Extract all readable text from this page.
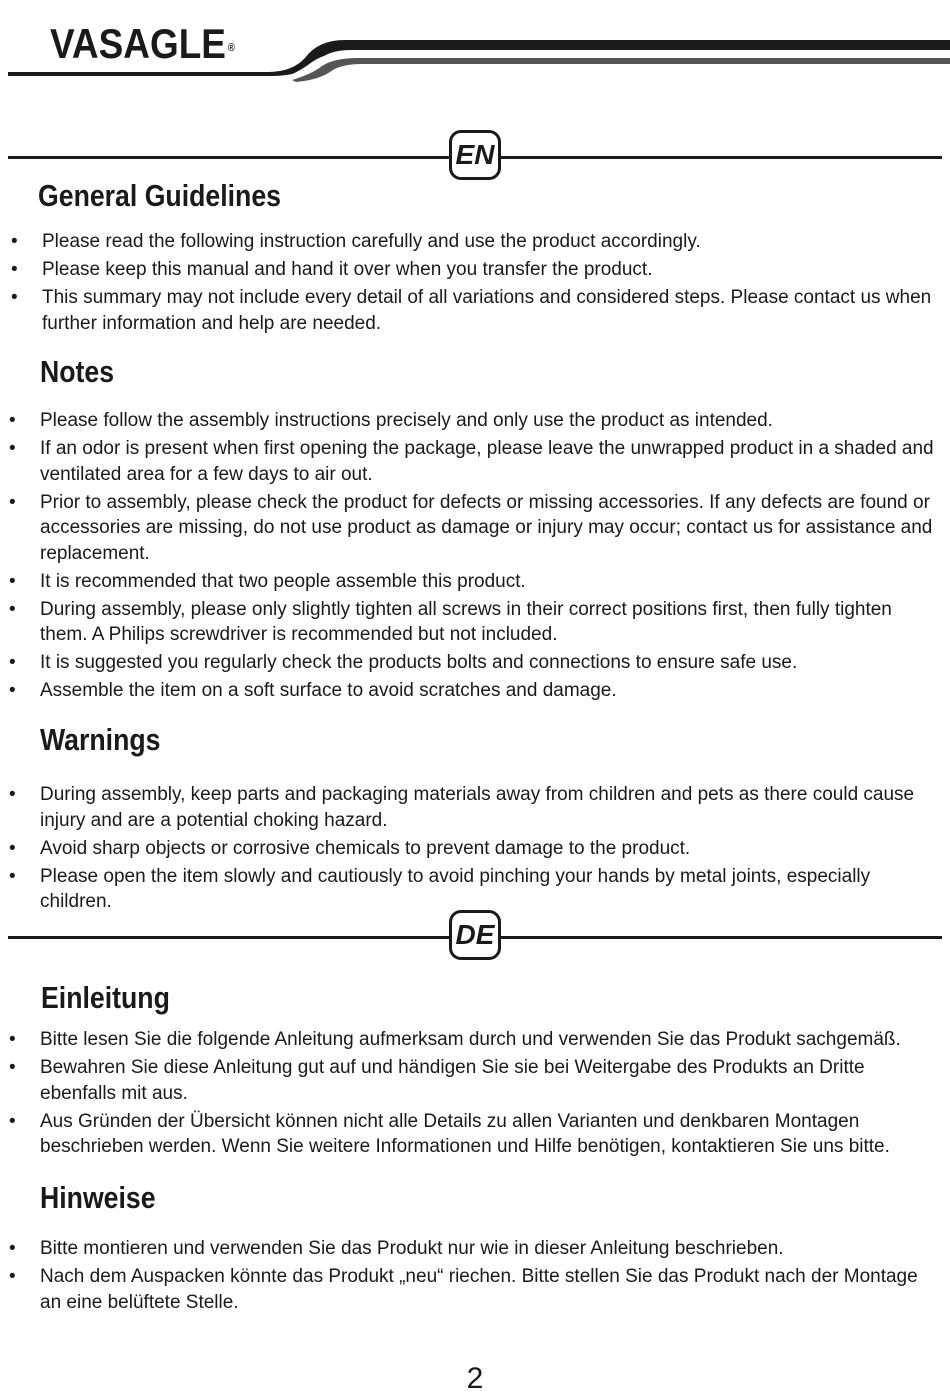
VASAGLE ®
EN
General Guidelines
• Please read the following instruction carefully and use the product accordingly.
• Please keep this manual and hand it over when you transfer the product.
• This summary may not include every detail of all variations and considered steps. Please contact us when further information and help are needed.
Notes
• Please follow the assembly instructions precisely and only use the product as intended.
• If an odor is present when first opening the package, please leave the unwrapped product in a shaded and ventilated area for a few days to air out.
• Prior to assembly, please check the product for defects or missing accessories. If any defects are found or accessories are missing, do not use product as damage or injury may occur; contact us for assistance and replacement.
• It is recommended that two people assemble this product.
• During assembly, please only slightly tighten all screws in their correct positions first, then fully tighten them. A Philips screwdriver is recommended but not included.
• It is suggested you regularly check the products bolts and connections to ensure safe use.
• Assemble the item on a soft surface to avoid scratches and damage.
Warnings
• During assembly, keep parts and packaging materials away from children and pets as there could cause injury and are a potential choking hazard.
• Avoid sharp objects or corrosive chemicals to prevent damage to the product.
• Please open the item slowly and cautiously to avoid pinching your hands by metal joints, especially children.
DE
Einleitung
• Bitte lesen Sie die folgende Anleitung aufmerksam durch und verwenden Sie das Produkt sachgemäß.
• Bewahren Sie diese Anleitung gut auf und händigen Sie sie bei Weitergabe des Produkts an Dritte ebenfalls mit aus.
• Aus Gründen der Übersicht können nicht alle Details zu allen Varianten und denkbaren Montagen beschrieben werden. Wenn Sie weitere Informationen und Hilfe benötigen, kontaktieren Sie uns bitte.
Hinweise
• Bitte montieren und verwenden Sie das Produkt nur wie in dieser Anleitung beschrieben.
• Nach dem Auspacken könnte das Produkt „neu“ riechen. Bitte stellen Sie das Produkt nach der Montage an eine belüftete Stelle.
2
